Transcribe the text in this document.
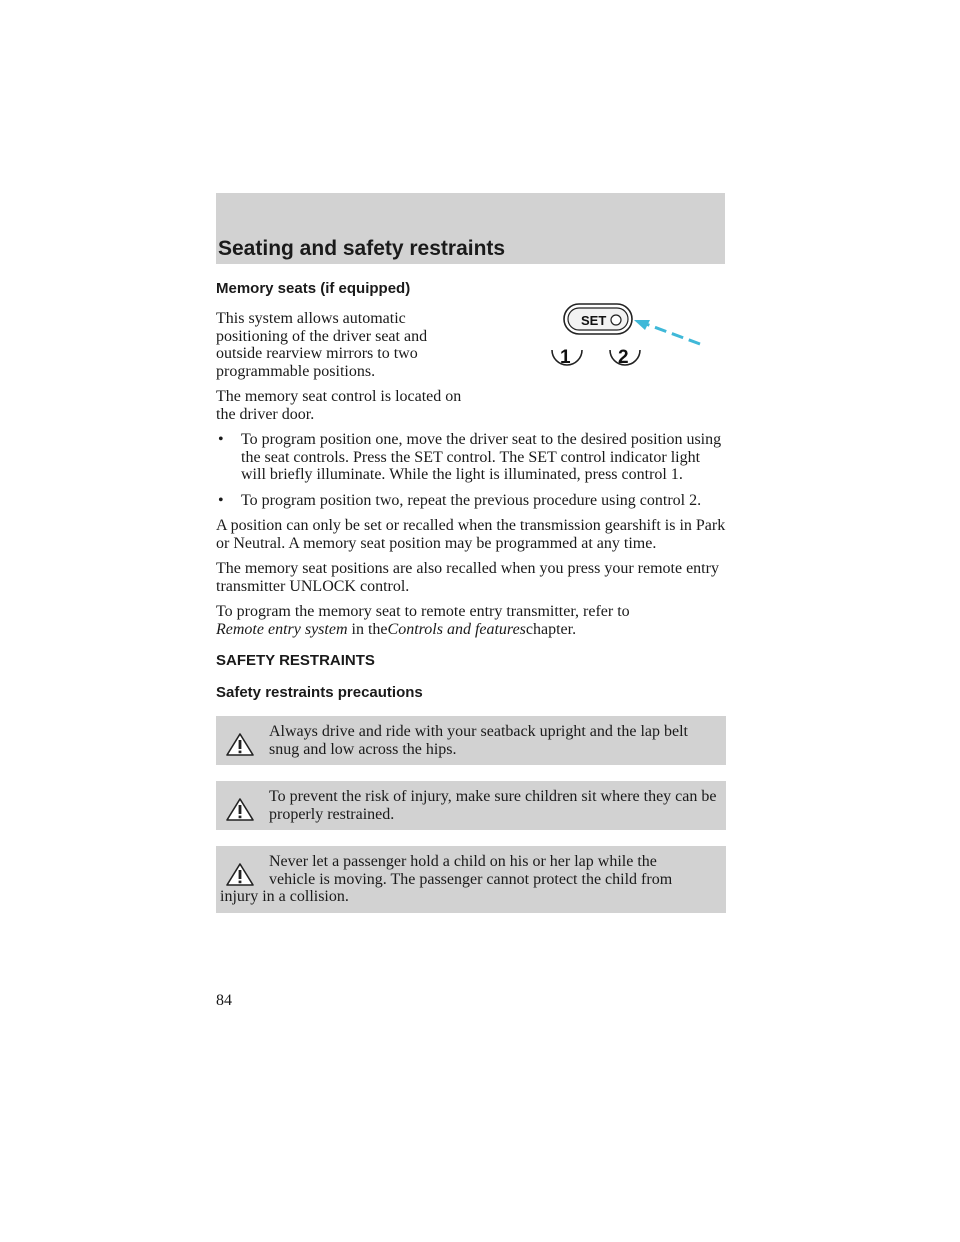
Seating and safety restraints
SET
1 2
Memory seats (if equipped)

This system allows automatic positioning of the driver seat and outside rearview mirrors to two programmable positions.

The memory seat control is located on the driver door.

• To program position one, move the driver seat to the desired position using the seat controls. Press the SET control. The SET control indicator light will briefly illuminate. While the light is illuminated, press control 1.
• To program position two, repeat the previous procedure using control 2.

A position can only be set or recalled when the transmission gearshift is in Park or Neutral. A memory seat position may be programmed at any time.

The memory seat positions are also recalled when you press your remote entry transmitter UNLOCK control.

To program the memory seat to remote entry transmitter, refer to
Remote entry system in theControls and featureschapter.

SAFETY RESTRAINTS
Safety restraints precautions
Always drive and ride with your seatback upright and the lap belt snug and low across the hips.
To prevent the risk of injury, make sure children sit where they can be properly restrained.
Never let a passenger hold a child on his or her lap while the
vehicle is moving. The passenger cannot protect the child from
injury in a collision.
84
